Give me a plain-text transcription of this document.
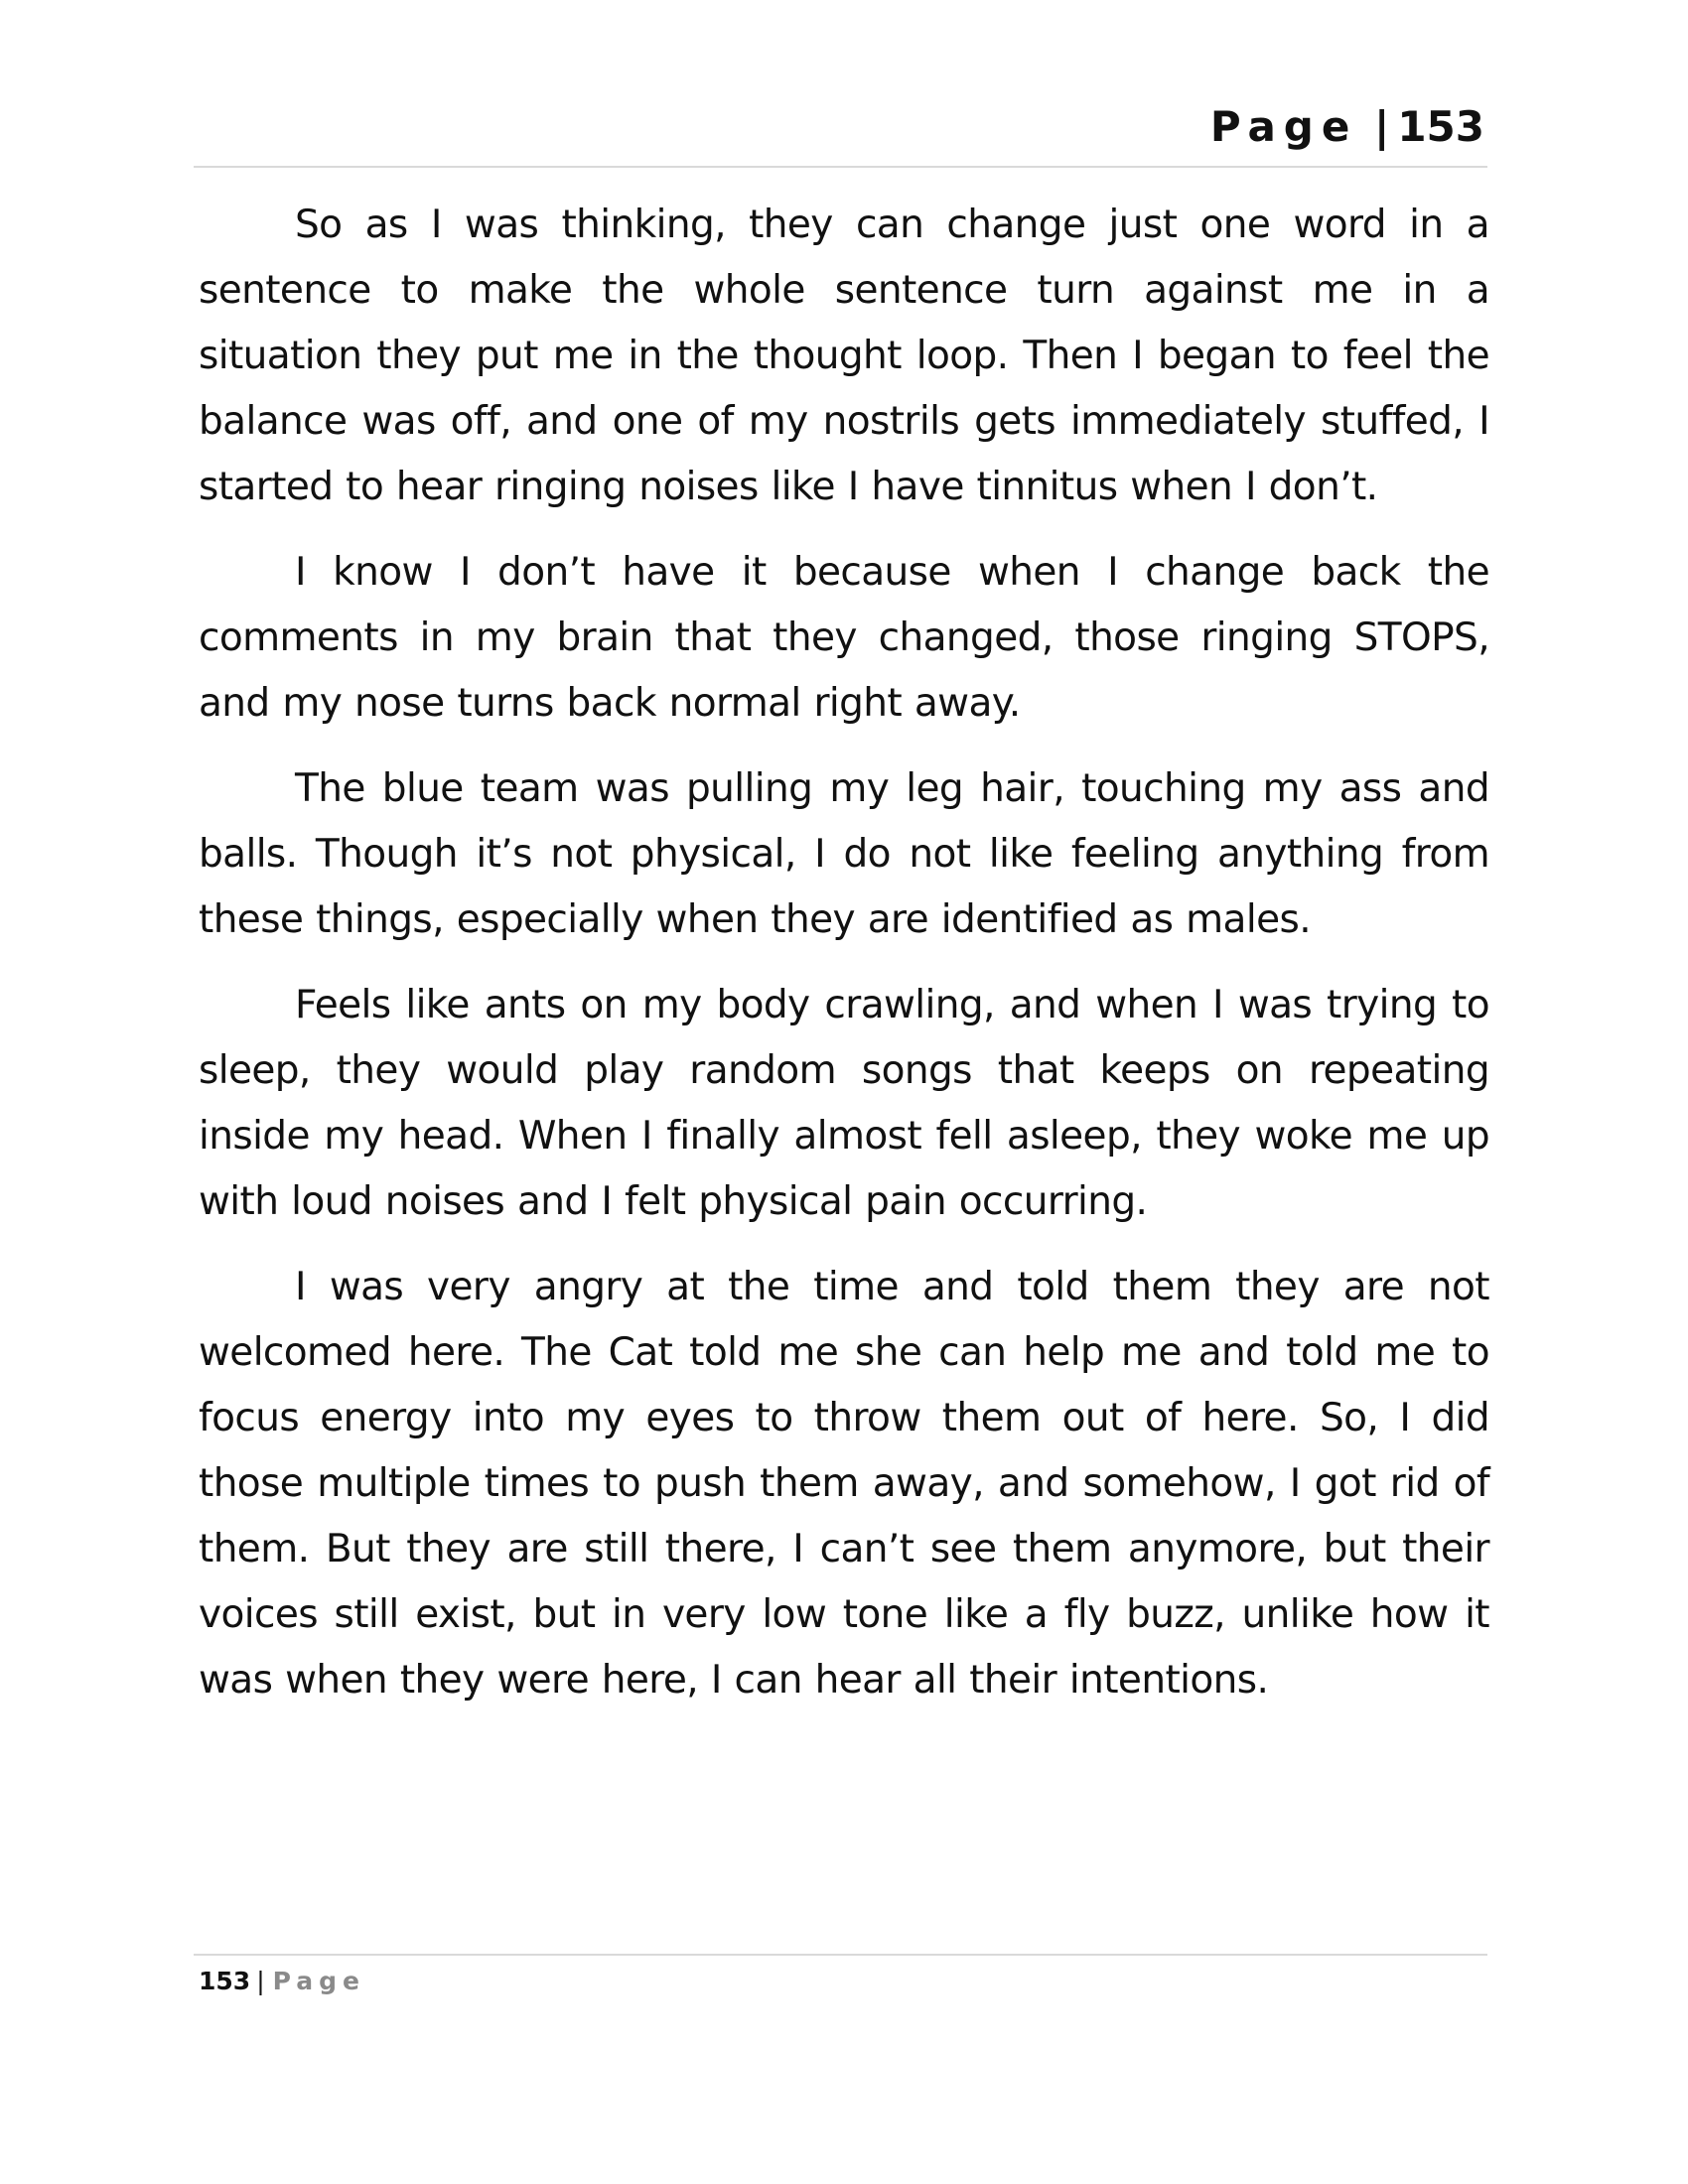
Page | 153

So as I was thinking, they can change just one word in a sentence to make the whole sentence turn against me in a situation they put me in the thought loop. Then I began to feel the balance was off, and one of my nostrils gets immediately stuffed, I started to hear ringing noises like I have tinnitus when I don’t.

I know I don’t have it because when I change back the comments in my brain that they changed, those ringing STOPS, and my nose turns back normal right away.

The blue team was pulling my leg hair, touching my ass and balls. Though it’s not physical, I do not like feeling anything from these things, especially when they are identified as males.

Feels like ants on my body crawling, and when I was trying to sleep, they would play random songs that keeps on repeating inside my head. When I finally almost fell asleep, they woke me up with loud noises and I felt physical pain occurring.

I was very angry at the time and told them they are not welcomed here. The Cat told me she can help me and told me to focus energy into my eyes to throw them out of here. So, I did those multiple times to push them away, and somehow, I got rid of them. But they are still there, I can’t see them anymore, but their voices still exist, but in very low tone like a fly buzz, unlike how it was when they were here, I can hear all their intentions.

153 | Page
